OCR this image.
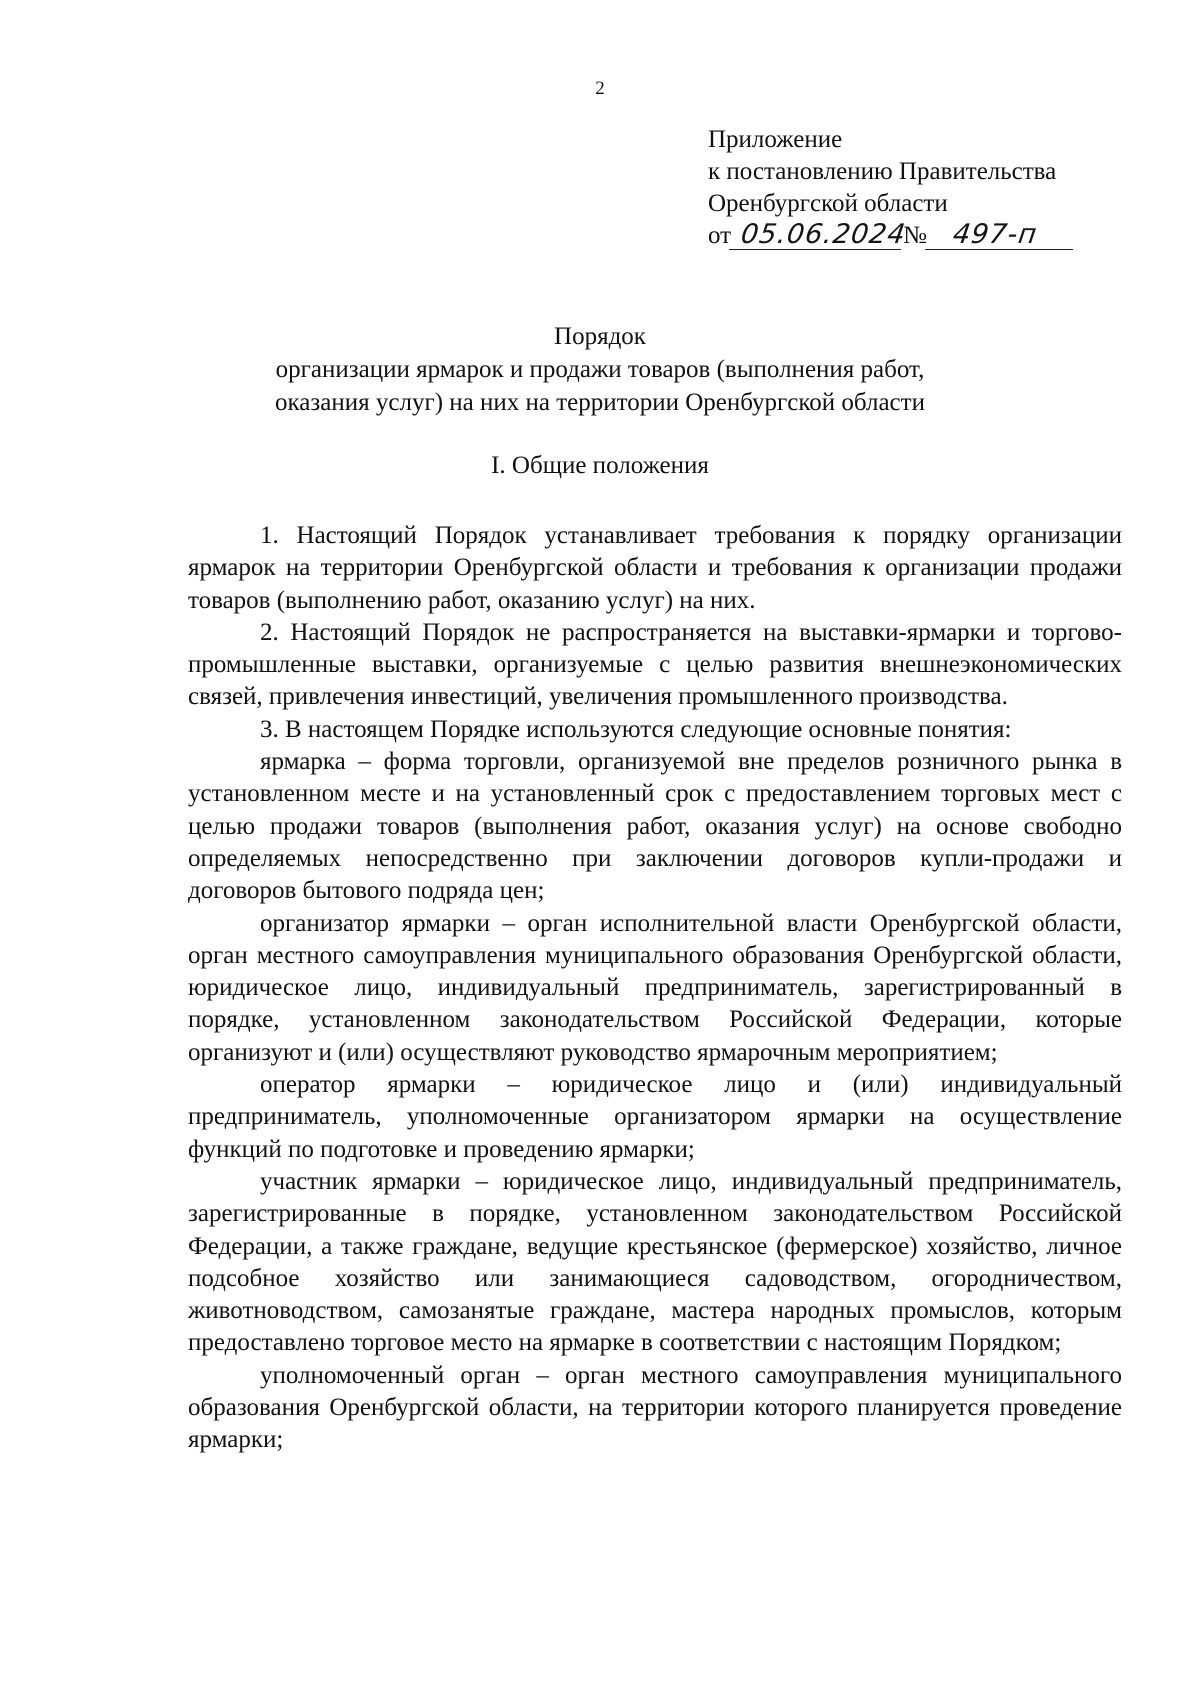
2
Приложение
к постановлению Правительства
Оренбургской области
от 05.06.2024№ 497-п
Порядок
организации ярмарок и продажи товаров (выполнения работ,
оказания услуг) на них на территории Оренбургской области
I. Общие положения

1. Настоящий Порядок устанавливает требования к порядку организации ярмарок на территории Оренбургской области и требования к организации продажи товаров (выполнению работ, оказанию услуг) на них.

2. Настоящий Порядок не распространяется на выставки-ярмарки и торгово-промышленные выставки, организуемые с целью развития внешнеэкономических связей, привлечения инвестиций, увеличения промышленного производства.

3. В настоящем Порядке используются следующие основные понятия:

ярмарка – форма торговли, организуемой вне пределов розничного рынка в установленном месте и на установленный срок с предоставлением торговых мест с целью продажи товаров (выполнения работ, оказания услуг) на основе свободно определяемых непосредственно при заключении договоров купли-продажи и договоров бытового подряда цен;

организатор ярмарки – орган исполнительной власти Оренбургской области, орган местного самоуправления муниципального образования Оренбургской области, юридическое лицо, индивидуальный предприниматель, зарегистрированный в порядке, установленном законодательством Российской Федерации, которые организуют и (или) осуществляют руководство ярмарочным мероприятием;

оператор ярмарки – юридическое лицо и (или) индивидуальный предприниматель, уполномоченные организатором ярмарки на осуществление функций по подготовке и проведению ярмарки;

участник ярмарки – юридическое лицо, индивидуальный предприниматель, зарегистрированные в порядке, установленном законодательством Российской Федерации, а также граждане, ведущие крестьянское (фермерское) хозяйство, личное подсобное хозяйство или занимающиеся садоводством, огородничеством, животноводством, самозанятые граждане, мастера народных промыслов, которым предоставлено торговое место на ярмарке в соответствии с настоящим Порядком;

уполномоченный орган – орган местного самоуправления муниципального образования Оренбургской области, на территории которого планируется проведение ярмарки;
